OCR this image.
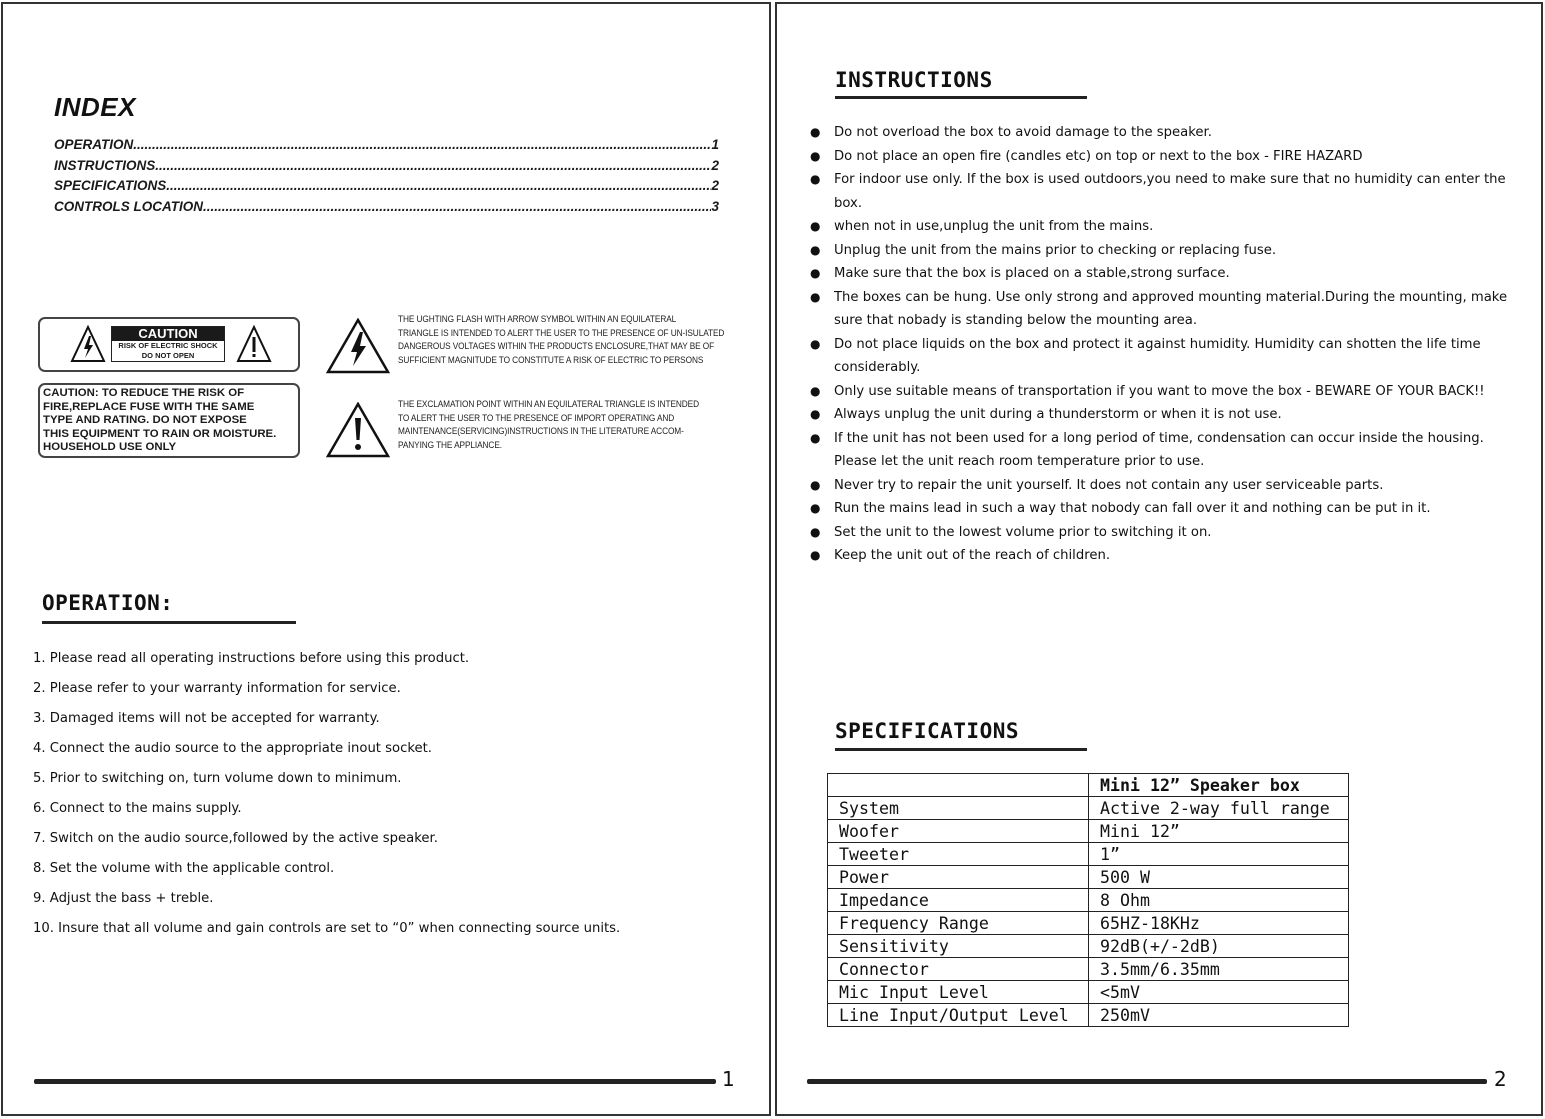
INDEX
OPERATION .....	1
INSTRUCTIONS .....	2
SPECIFICATIONS .....	2
CONTROLS LOCATION .....	3
CAUTION
RISK OF ELECTRIC SHOCK
DO NOT OPEN
CAUTION: TO REDUCE THE RISK OF
FIRE,REPLACE FUSE WITH THE SAME
TYPE AND RATING. DO NOT EXPOSE
THIS EQUIPMENT TO RAIN OR MOISTURE.
HOUSEHOLD USE ONLY
THE UGHTING FLASH WITH ARROW SYMBOL WITHIN AN EQUILATERAL
TRIANGLE IS INTENDED TO ALERT THE USER TO THE PRESENCE OF UN-ISULATED
DANGEROUS VOLTAGES WITHIN THE PRODUCTS ENCLOSURE,THAT MAY BE OF
SUFFICIENT MAGNITUDE TO CONSTITUTE A RISK OF ELECTRIC TO PERSONS
THE EXCLAMATION POINT WITHIN AN EQUILATERAL TRIANGLE IS INTENDED
TO ALERT THE USER TO THE PRESENCE OF IMPORT OPERATING AND
MAINTENANCE(SERVICING)INSTRUCTIONS IN THE LITERATURE ACCOM-
PANYING THE APPLIANCE.
OPERATION:
1. Please read all operating instructions before using this product.
2. Please refer to your warranty information for service.
3. Damaged items will not be accepted for warranty.
4. Connect the audio source to the appropriate inout socket.
5. Prior to switching on, turn volume down to minimum.
6. Connect to the mains supply.
7. Switch on the audio source,followed by the active speaker.
8. Set the volume with the applicable control.
9. Adjust the bass + treble.
10. Insure that all volume and gain controls are set to “0” when connecting source units.
1
INSTRUCTIONS
●	Do not overload the box to avoid damage to the speaker.
●	Do not place an open fire (candles etc) on top or next to the box - FIRE HAZARD
●	For indoor use only. If the box is used outdoors,you need to make sure that no humidity can enter the box.
●	when not in use,unplug the unit from the mains.
●	Unplug the unit from the mains prior to checking or replacing fuse.
●	Make sure that the box is placed on a stable,strong surface.
●	The boxes can be hung. Use only strong and approved mounting material.During the mounting, make sure that nobady is standing below the mounting area.
●	Do not place liquids on the box and protect it against humidity. Humidity can shotten the life time considerably.
●	Only use suitable means of transportation if you want to move the box - BEWARE OF YOUR BACK!!
●	Always unplug the unit during a thunderstorm or when it is not use.
●	If the unit has not been used for a long period of time, condensation can occur inside the housing. Please let the unit reach room temperature prior to use.
●	Never try to repair the unit yourself. It does not contain any user serviceable parts.
●	Run the mains lead in such a way that nobody can fall over it and nothing can be put in it.
●	Set the unit to the lowest volume prior to switching it on.
●	Keep the unit out of the reach of children.
SPECIFICATIONS
	Mini 12” Speaker box
System	Active 2-way full range
Woofer	Mini 12”
Tweeter	1”
Power	500 W
Impedance	8 Ohm
Frequency Range	65HZ-18KHz
Sensitivity	92dB(+/-2dB)
Connector	3.5mm/6.35mm
Mic Input Level	<5mV
Line Input/Output Level	250mV
2
